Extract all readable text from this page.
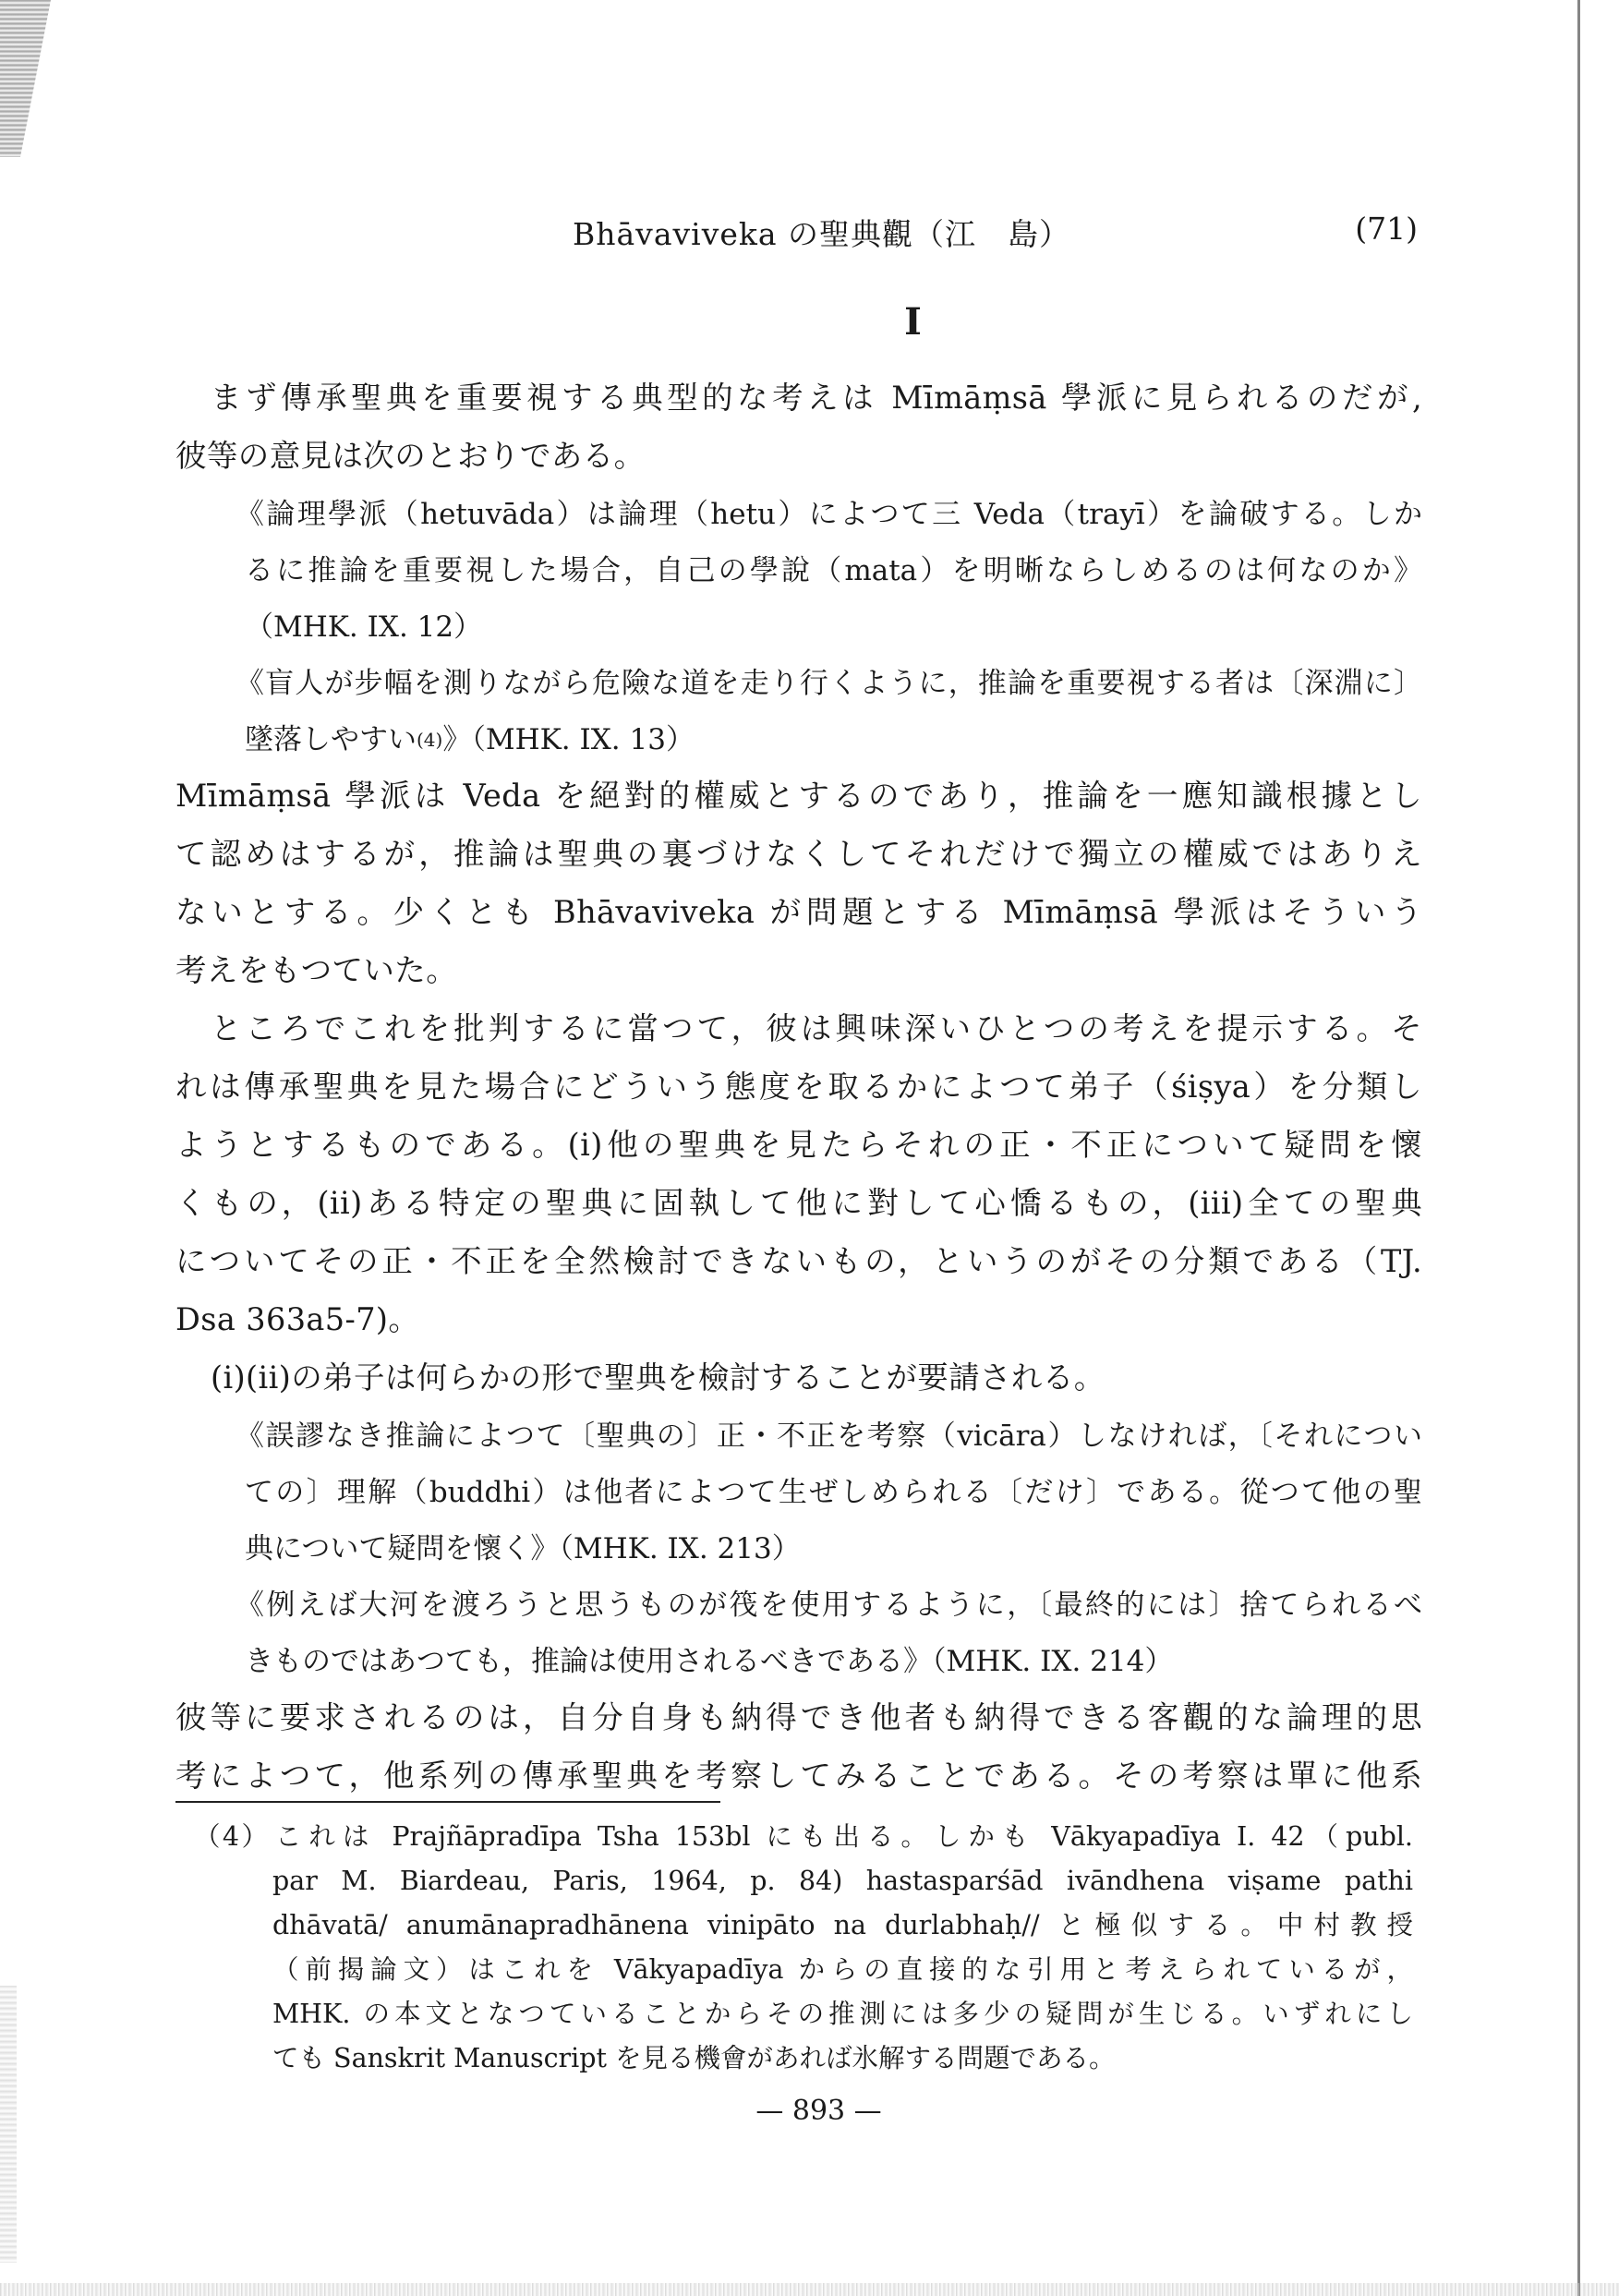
Bhāvaviveka の聖典觀（江　島）	(71)
I
まず傳承聖典を重要視する典型的な考えは Mīmāṃsā 學派に見られるのだが,
彼等の意見は次のとおりである。
《論理學派（hetuvāda）は論理（hetu）によつて三 Veda（trayī）を論破する。しか
るに推論を重要視した場合，自己の學說（mata）を明晰ならしめるのは何なのか》
（MHK. IX. 12）
《盲人が步幅を測りながら危險な道を走り行くように，推論を重要視する者は〔深淵に〕
墜落しやすい(4)》（MHK. IX. 13）
Mīmāṃsā 學派は Veda を絕對的權威とするのであり，推論を一應知識根據とし
て認めはするが，推論は聖典の裏づけなくしてそれだけで獨立の權威ではありえ
ないとする。少くとも Bhāvaviveka が問題とする Mīmāṃsā 學派はそういう
考えをもつていた。
ところでこれを批判するに當つて，彼は興味深いひとつの考えを提示する。そ
れは傳承聖典を見た場合にどういう態度を取るかによつて弟子（śiṣya）を分類し
ようとするものである。(i)他の聖典を見たらそれの正・不正について疑問を懷
くもの，(ii)ある特定の聖典に固執して他に對して心憍るもの，(iii)全ての聖典
についてその正・不正を全然檢討できないもの，というのがその分類である（TJ.
Dsa 363a5-7)。
(i)(ii)の弟子は何らかの形で聖典を檢討することが要請される。
《誤謬なき推論によつて〔聖典の〕正・不正を考察（vicāra）しなければ，〔それについ
ての〕理解（buddhi）は他者によつて生ぜしめられる〔だけ〕である。從つて他の聖
典について疑問を懷く》（MHK. IX. 213）
《例えば大河を渡ろうと思うものが筏を使用するように，〔最終的には〕捨てられるべ
きものではあつても，推論は使用されるべきである》（MHK. IX. 214）
彼等に要求されるのは，自分自身も納得でき他者も納得できる客觀的な論理的思
考によつて，他系列の傳承聖典を考察してみることである。その考察は單に他系
（4）これは Prajñāpradīpa Tsha 153bl にも出る。しかも Vākyapadīya I. 42（publ.
par M. Biardeau, Paris, 1964, p. 84) hastasparśād ivāndhena viṣame pathi
dhāvatā/ anumānapradhānena vinipāto na durlabhaḥ// と極似する。中村教授
（前揭論文）はこれを Vākyapadīya からの直接的な引用と考えられているが，
MHK. の本文となつていることからその推測には多少の疑問が生じる。いずれにし
ても Sanskrit Manuscript を見る機會があれば氷解する問題である。
— 893 —
